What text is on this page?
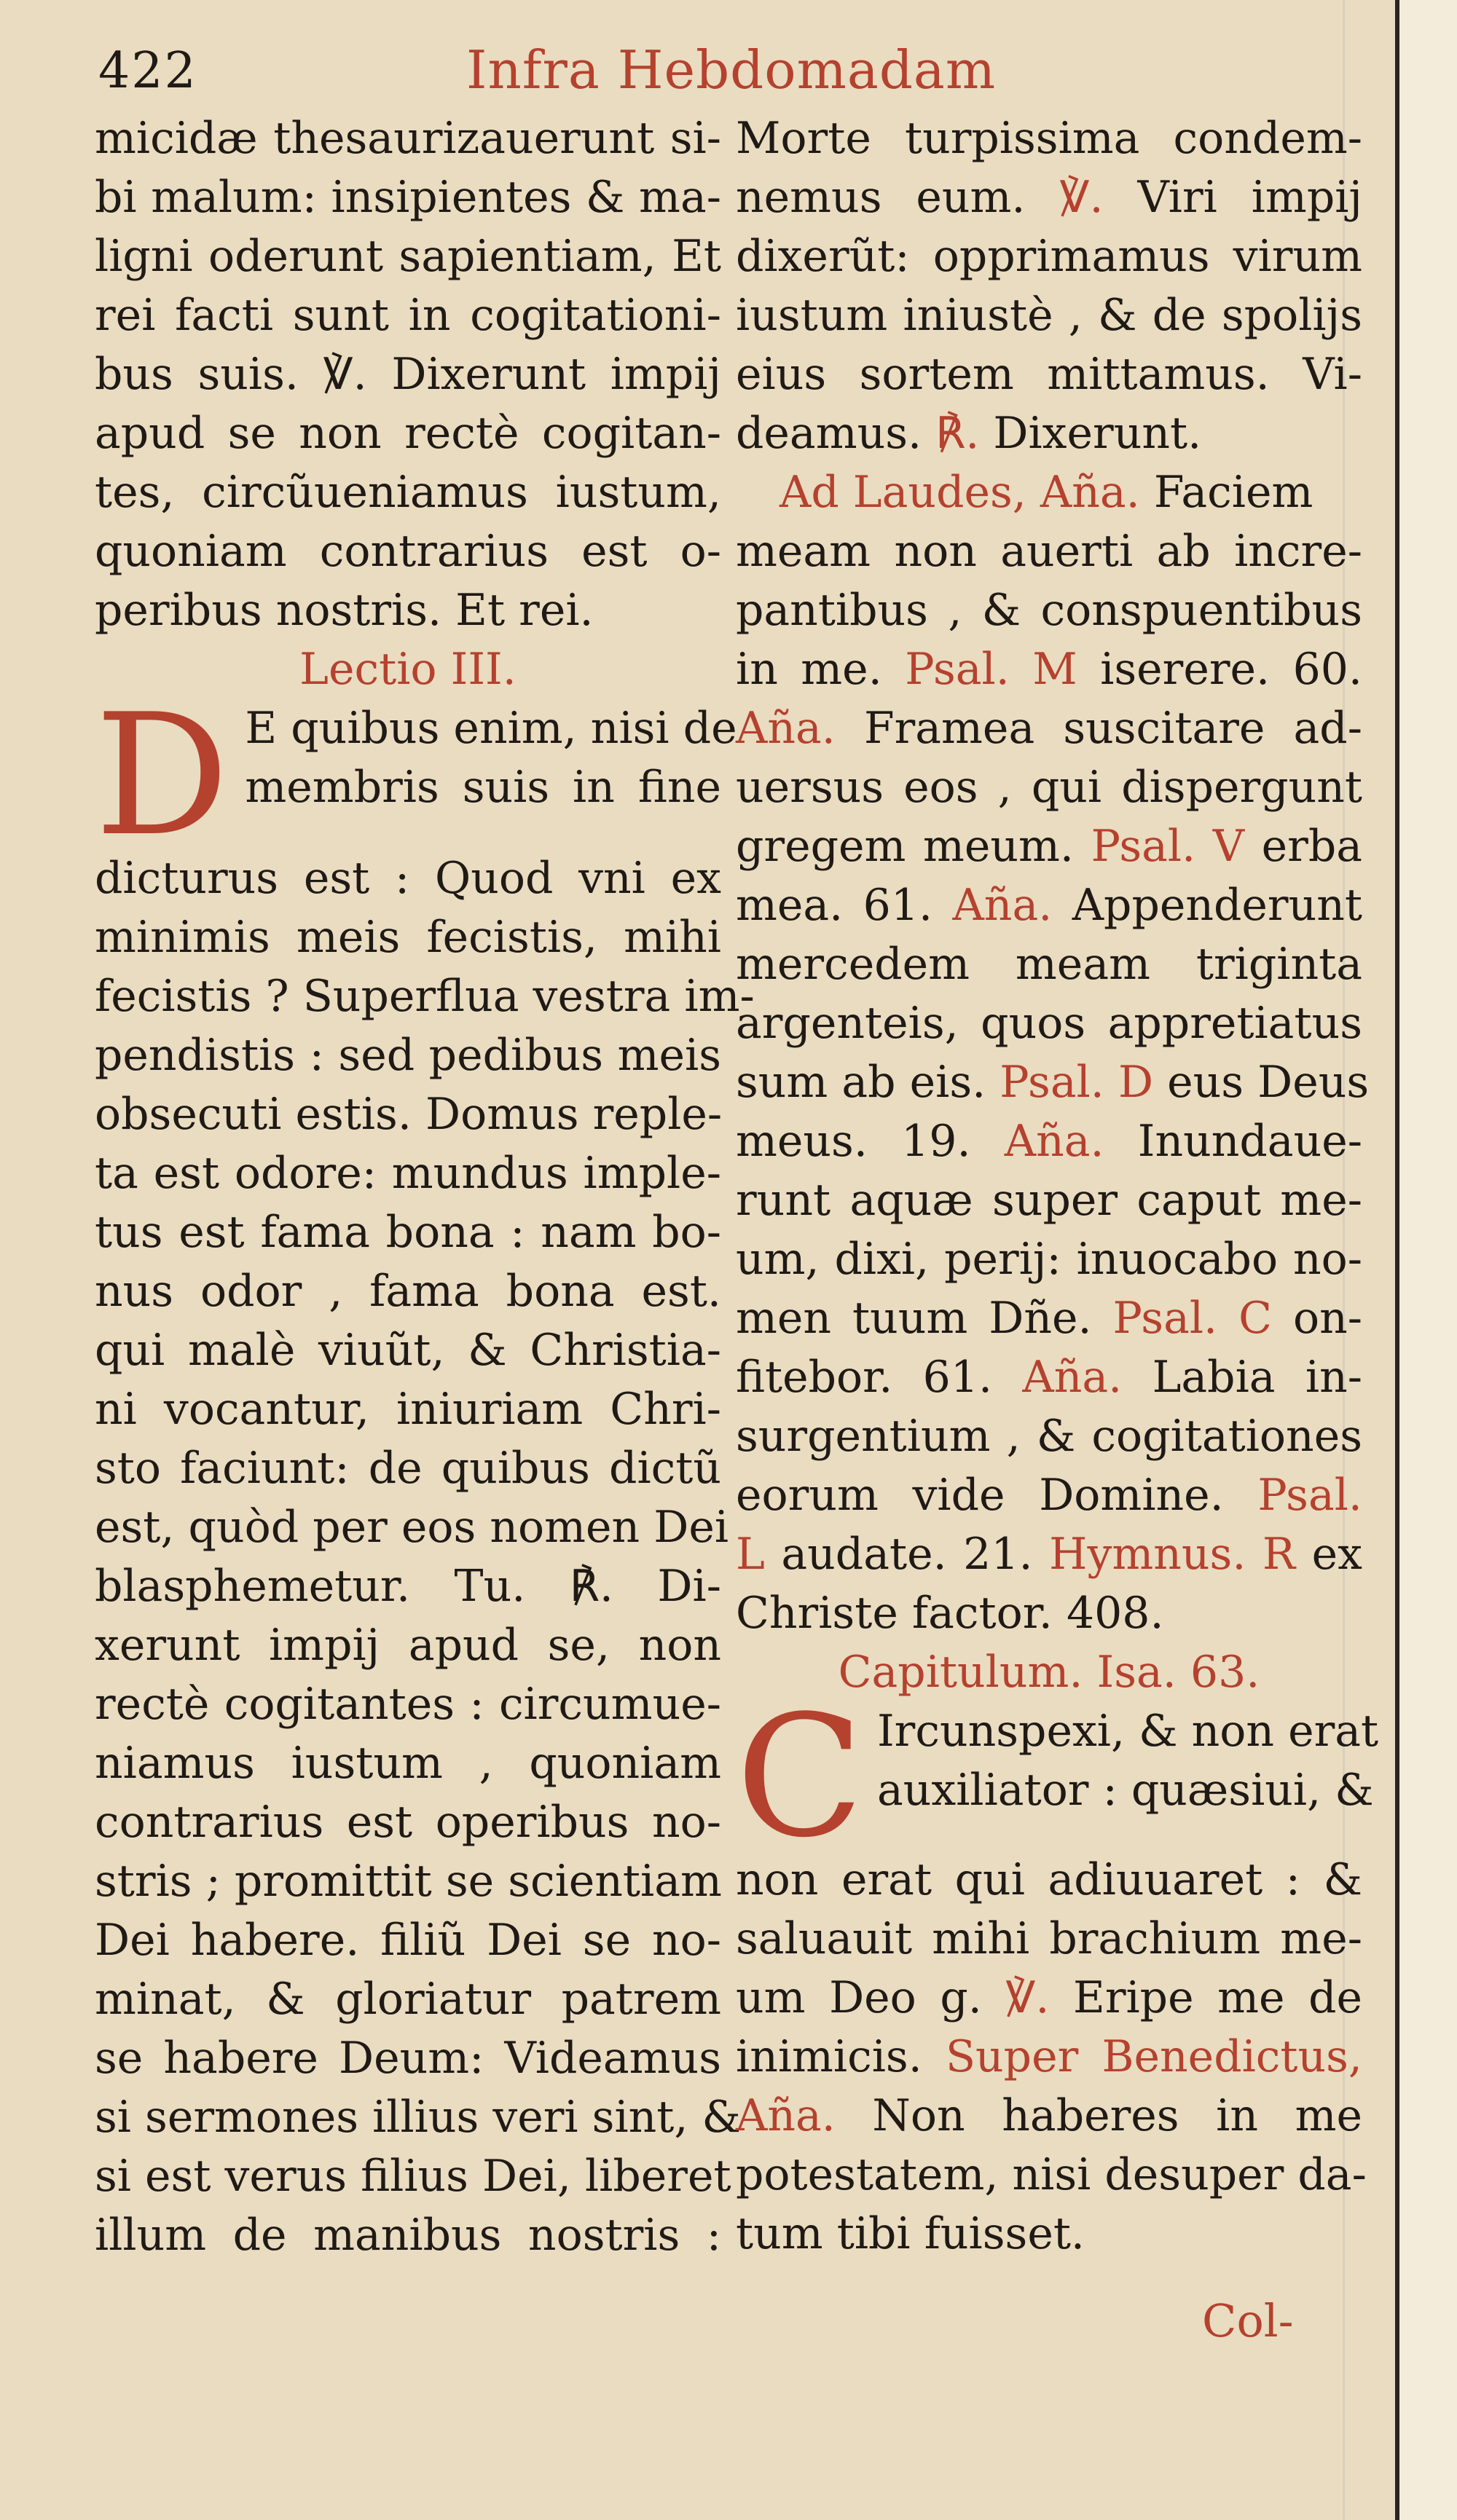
422	Infra Hebdomadam
micidæ thesaurizauerunt si-
bi malum: insipientes & ma-
ligni oderunt sapientiam, Et
rei facti sunt in cogitationi-
bus suis. ℣. Dixerunt impij
apud se non rectè cogitan-
tes, circũueniamus iustum,
quoniam contrarius est o-
peribus nostris. Et rei.
Lectio III.
D E quibus enim, nisi de
membris suis in fine
dicturus est : Quod vni ex
minimis meis fecistis, mihi
fecistis ? Superflua vestra im-
pendistis : sed pedibus meis
obsecuti estis. Domus reple-
ta est odore: mundus imple-
tus est fama bona : nam bo-
nus odor , fama bona est.
qui malè viuũt, & Christia-
ni vocantur, iniuriam Chri-
sto faciunt: de quibus dictũ
est, quòd per eos nomen Dei
blasphemetur. Tu. ℟. Di-
xerunt impij apud se, non
rectè cogitantes : circumue-
niamus iustum , quoniam
contrarius est operibus no-
stris ; promittit se scientiam
Dei habere. filiũ Dei se no-
minat, & gloriatur patrem
se habere Deum: Videamus
si sermones illius veri sint, &
si est verus filius Dei, liberet
illum de manibus nostris :
Morte turpissima condem-
nemus eum. ℣. Viri impij
dixerũt: opprimamus virum
iustum iniustè , & de spolijs
eius sortem mittamus. Vi-
deamus. ℟. Dixerunt.
Ad Laudes, Aña. Faciem
meam non auerti ab incre-
pantibus , & conspuentibus
in me. Psal. M iserere. 60.
Aña. Framea suscitare ad-
uersus eos , qui dispergunt
gregem meum. Psal. V erba
mea. 61. Aña. Appenderunt
mercedem meam triginta
argenteis, quos appretiatus
sum ab eis. Psal. D eus Deus
meus. 19. Aña. Inundaue-
runt aquæ super caput me-
um, dixi, perij: inuocabo no-
men tuum Dñe. Psal. C on-
fitebor. 61. Aña. Labia in-
surgentium , & cogitationes
eorum vide Domine. Psal.
L audate. 21. Hymnus. R ex
Christe factor. 408.
Capitulum. Isa. 63.
C Ircunspexi, & non erat
auxiliator : quæsiui, &
non erat qui adiuuaret : &
saluauit mihi brachium me-
um Deo g. ℣. Eripe me de
inimicis. Super Benedictus,
Aña. Non haberes in me
potestatem, nisi desuper da-
tum tibi fuisset.
Col-
